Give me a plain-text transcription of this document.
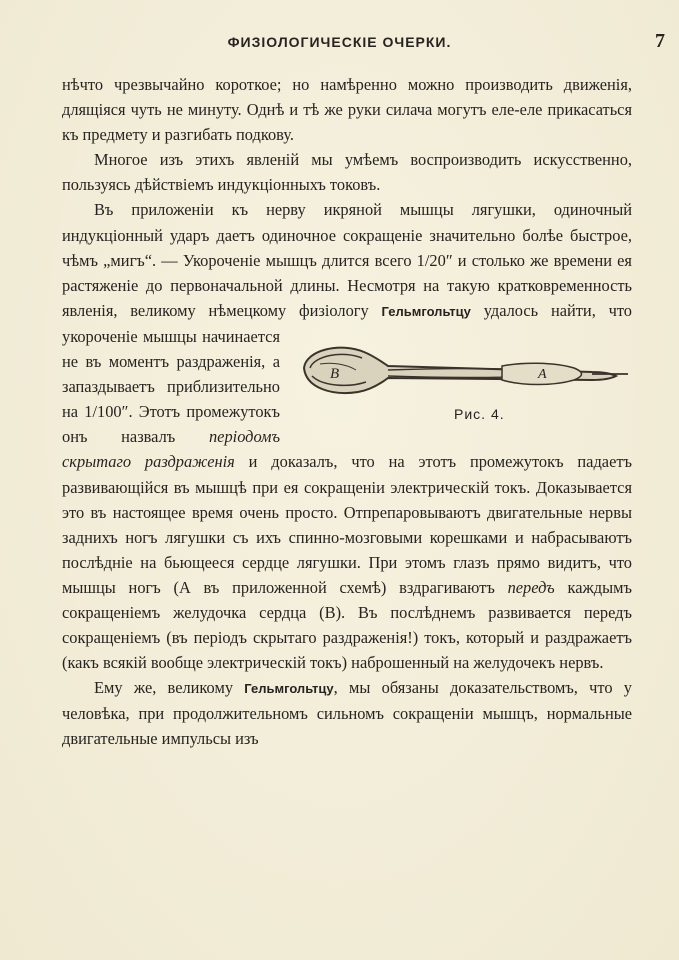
ФИЗІОЛОГИЧЕСКІЕ ОЧЕРКИ.	7

нѣчто чрезвычайно короткое; но намѣренно можно производить движенія, длящіяся чуть не минуту. Однѣ и тѣ же руки силача могутъ еле-еле прикасаться къ предмету и разгибать подкову.

Многое изъ этихъ явленій мы умѣемъ воспроизводить искусственно, пользуясь дѣйствіемъ индукціонныхъ токовъ.

Въ приложеніи къ нерву икряной мышцы лягушки, одиночный индукціонный ударъ даетъ одиночное сокращеніе значительно болѣе быстрое, чѣмъ „мигъ“. — Укороченіе мышцъ длится всего 1/20″ и столько же времени ея растяженіе до первоначальной длины. Несмотря на такую кратковременность явленія, великому нѣмецкому физіологу
B	A
Рис. 4.
Гельмгольтцу удалось найти, что укороченіе мышцы начинается не въ моментъ раздраженія, а запаздываетъ приблизительно на 1/100″. Этотъ промежутокъ онъ назвалъ періодомъ скрытаго раздраженія и доказалъ, что на этотъ промежутокъ падаетъ развивающійся въ мышцѣ при ея сокращеніи электрическій токъ. Доказывается это въ настоящее время очень просто. Отпрепаровываютъ двигательные нервы заднихъ ногъ лягушки съ ихъ спинно-мозговыми корешками и набрасываютъ послѣдніе на бьющееся сердце лягушки. При этомъ глазъ прямо видитъ, что мышцы ногъ (А въ приложенной схемѣ) вздрагиваютъ передъ каждымъ сокращеніемъ желудочка сердца (В). Въ послѣднемъ развивается передъ сокращеніемъ (въ періодъ скрытаго раздраженія!) токъ, который и раздражаетъ (какъ всякій вообще электрическій токъ) наброшенный на желудочекъ нервъ.

Ему же, великому Гельмгольтцу, мы обязаны доказательствомъ, что у человѣка, при продолжительномъ сильномъ сокращеніи мышцъ, нормальные двигательные импульсы изъ
